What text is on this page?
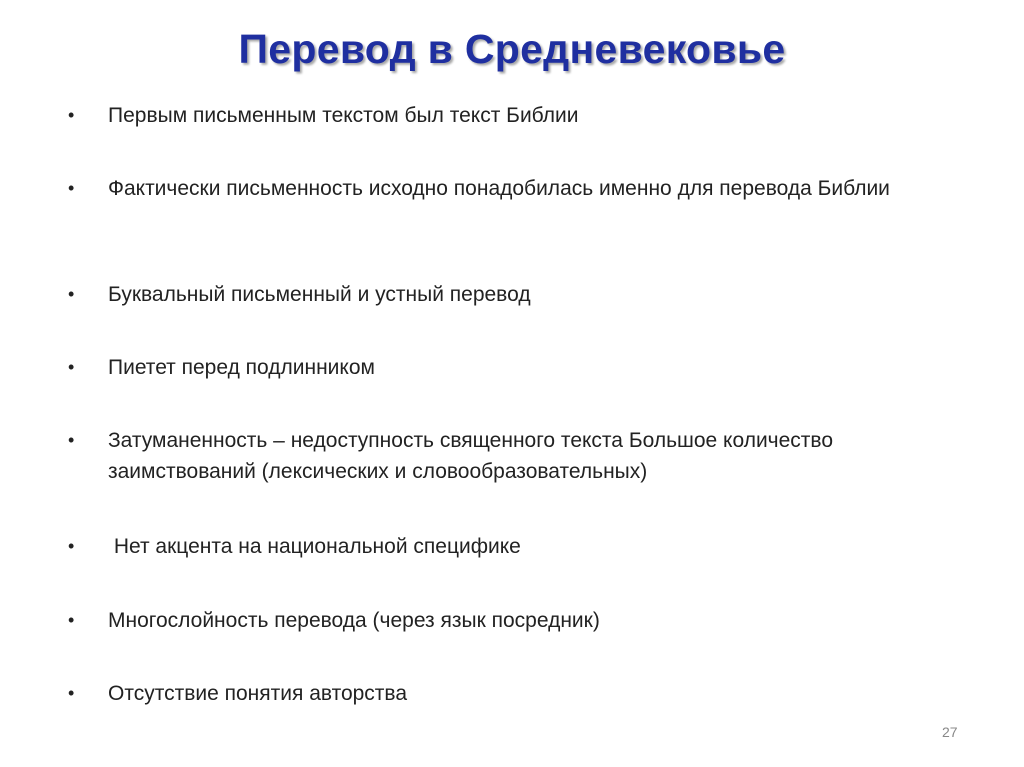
Перевод в Средневековье
•	Первым письменным текстом был текст Библии
•	Фактически письменность исходно понадобилась именно для перевода Библии
•	Буквальный письменный и устный перевод
•	Пиетет перед подлинником
•	Затуманенность – недоступность священного текста Большое количество заимствований (лексических и словообразовательных)
•	Нет акцента на национальной специфике
•	Многослойность перевода (через язык посредник)
•	Отсутствие понятия авторства
27
